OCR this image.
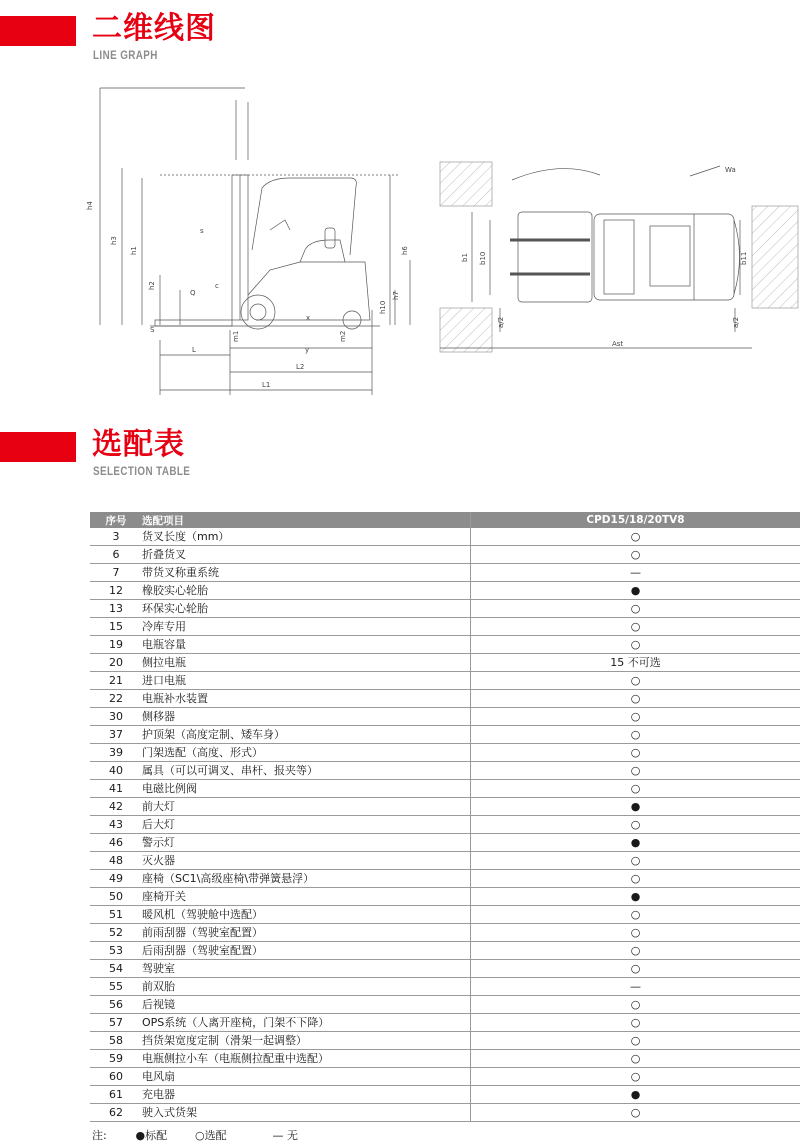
二维线图
LINE GRAPH
h4
h3
h1
h2
Q
s
c
S
L	y
x
L2
L1
m1	m2
h6
h7
h10
b1 b10	b11
a/2	a/2
Ast
Wa
选配表
SELECTION TABLE
序号	选配项目	CPD15/18/20TV8
3	货叉长度（mm）	○
6	折叠货叉	○
7	带货叉称重系统	—
12	橡胶实心轮胎	●
13	环保实心轮胎	○
15	冷库专用	○
19	电瓶容量	○
20	侧拉电瓶	15 不可选
21	进口电瓶	○
22	电瓶补水装置	○
30	侧移器	○
37	护顶架（高度定制、矮车身）	○
39	门架选配（高度、形式）	○
40	属具（可以可调叉、串杆、报夹等）	○
41	电磁比例阀	○
42	前大灯	●
43	后大灯	○
46	警示灯	●
48	灭火器	○
49	座椅（SC1\高级座椅\带弹簧悬浮）	○
50	座椅开关	●
51	暖风机（驾驶舱中选配）	○
52	前雨刮器（驾驶室配置）	○
53	后雨刮器（驾驶室配置）	○
54	驾驶室	○
55	前双胎	—
56	后视镜	○
57	OPS系统（人离开座椅，门架不下降）	○
58	挡货架宽度定制（滑架一起调整）	○
59	电瓶侧拉小车（电瓶侧拉配重中选配）	○
60	电风扇	○
61	充电器	●
62	驶入式货架	○
注:	●标配	○选配	— 无
